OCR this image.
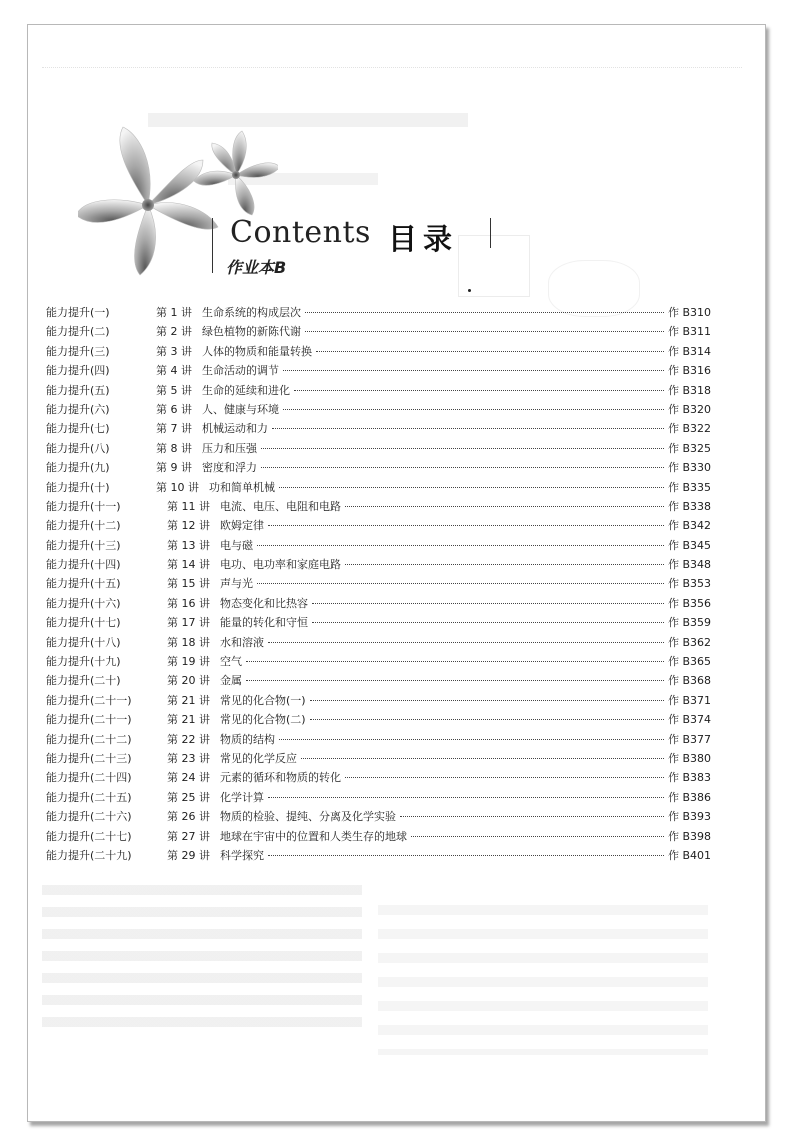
Contents 目录
作业本B
能力提升(一)	第 1 讲 生命系统的构成层次	作 B310
能力提升(二)	第 2 讲 绿色植物的新陈代谢	作 B311
能力提升(三)	第 3 讲 人体的物质和能量转换	作 B314
能力提升(四)	第 4 讲 生命活动的调节	作 B316
能力提升(五)	第 5 讲 生命的延续和进化	作 B318
能力提升(六)	第 6 讲 人、健康与环境	作 B320
能力提升(七)	第 7 讲 机械运动和力	作 B322
能力提升(八)	第 8 讲 压力和压强	作 B325
能力提升(九)	第 9 讲 密度和浮力	作 B330
能力提升(十)	第 10 讲 功和简单机械	作 B335
能力提升(十一)	第 11 讲 电流、电压、电阻和电路	作 B338
能力提升(十二)	第 12 讲 欧姆定律	作 B342
能力提升(十三)	第 13 讲 电与磁	作 B345
能力提升(十四)	第 14 讲 电功、电功率和家庭电路	作 B348
能力提升(十五)	第 15 讲 声与光	作 B353
能力提升(十六)	第 16 讲 物态变化和比热容	作 B356
能力提升(十七)	第 17 讲 能量的转化和守恒	作 B359
能力提升(十八)	第 18 讲 水和溶液	作 B362
能力提升(十九)	第 19 讲 空气	作 B365
能力提升(二十)	第 20 讲 金属	作 B368
能力提升(二十一)	第 21 讲 常见的化合物(一)	作 B371
能力提升(二十一)	第 21 讲 常见的化合物(二)	作 B374
能力提升(二十二)	第 22 讲 物质的结构	作 B377
能力提升(二十三)	第 23 讲 常见的化学反应	作 B380
能力提升(二十四)	第 24 讲 元素的循环和物质的转化	作 B383
能力提升(二十五)	第 25 讲 化学计算	作 B386
能力提升(二十六)	第 26 讲 物质的检验、提纯、分离及化学实验	作 B393
能力提升(二十七)	第 27 讲 地球在宇宙中的位置和人类生存的地球	作 B398
能力提升(二十九)	第 29 讲 科学探究	作 B401
